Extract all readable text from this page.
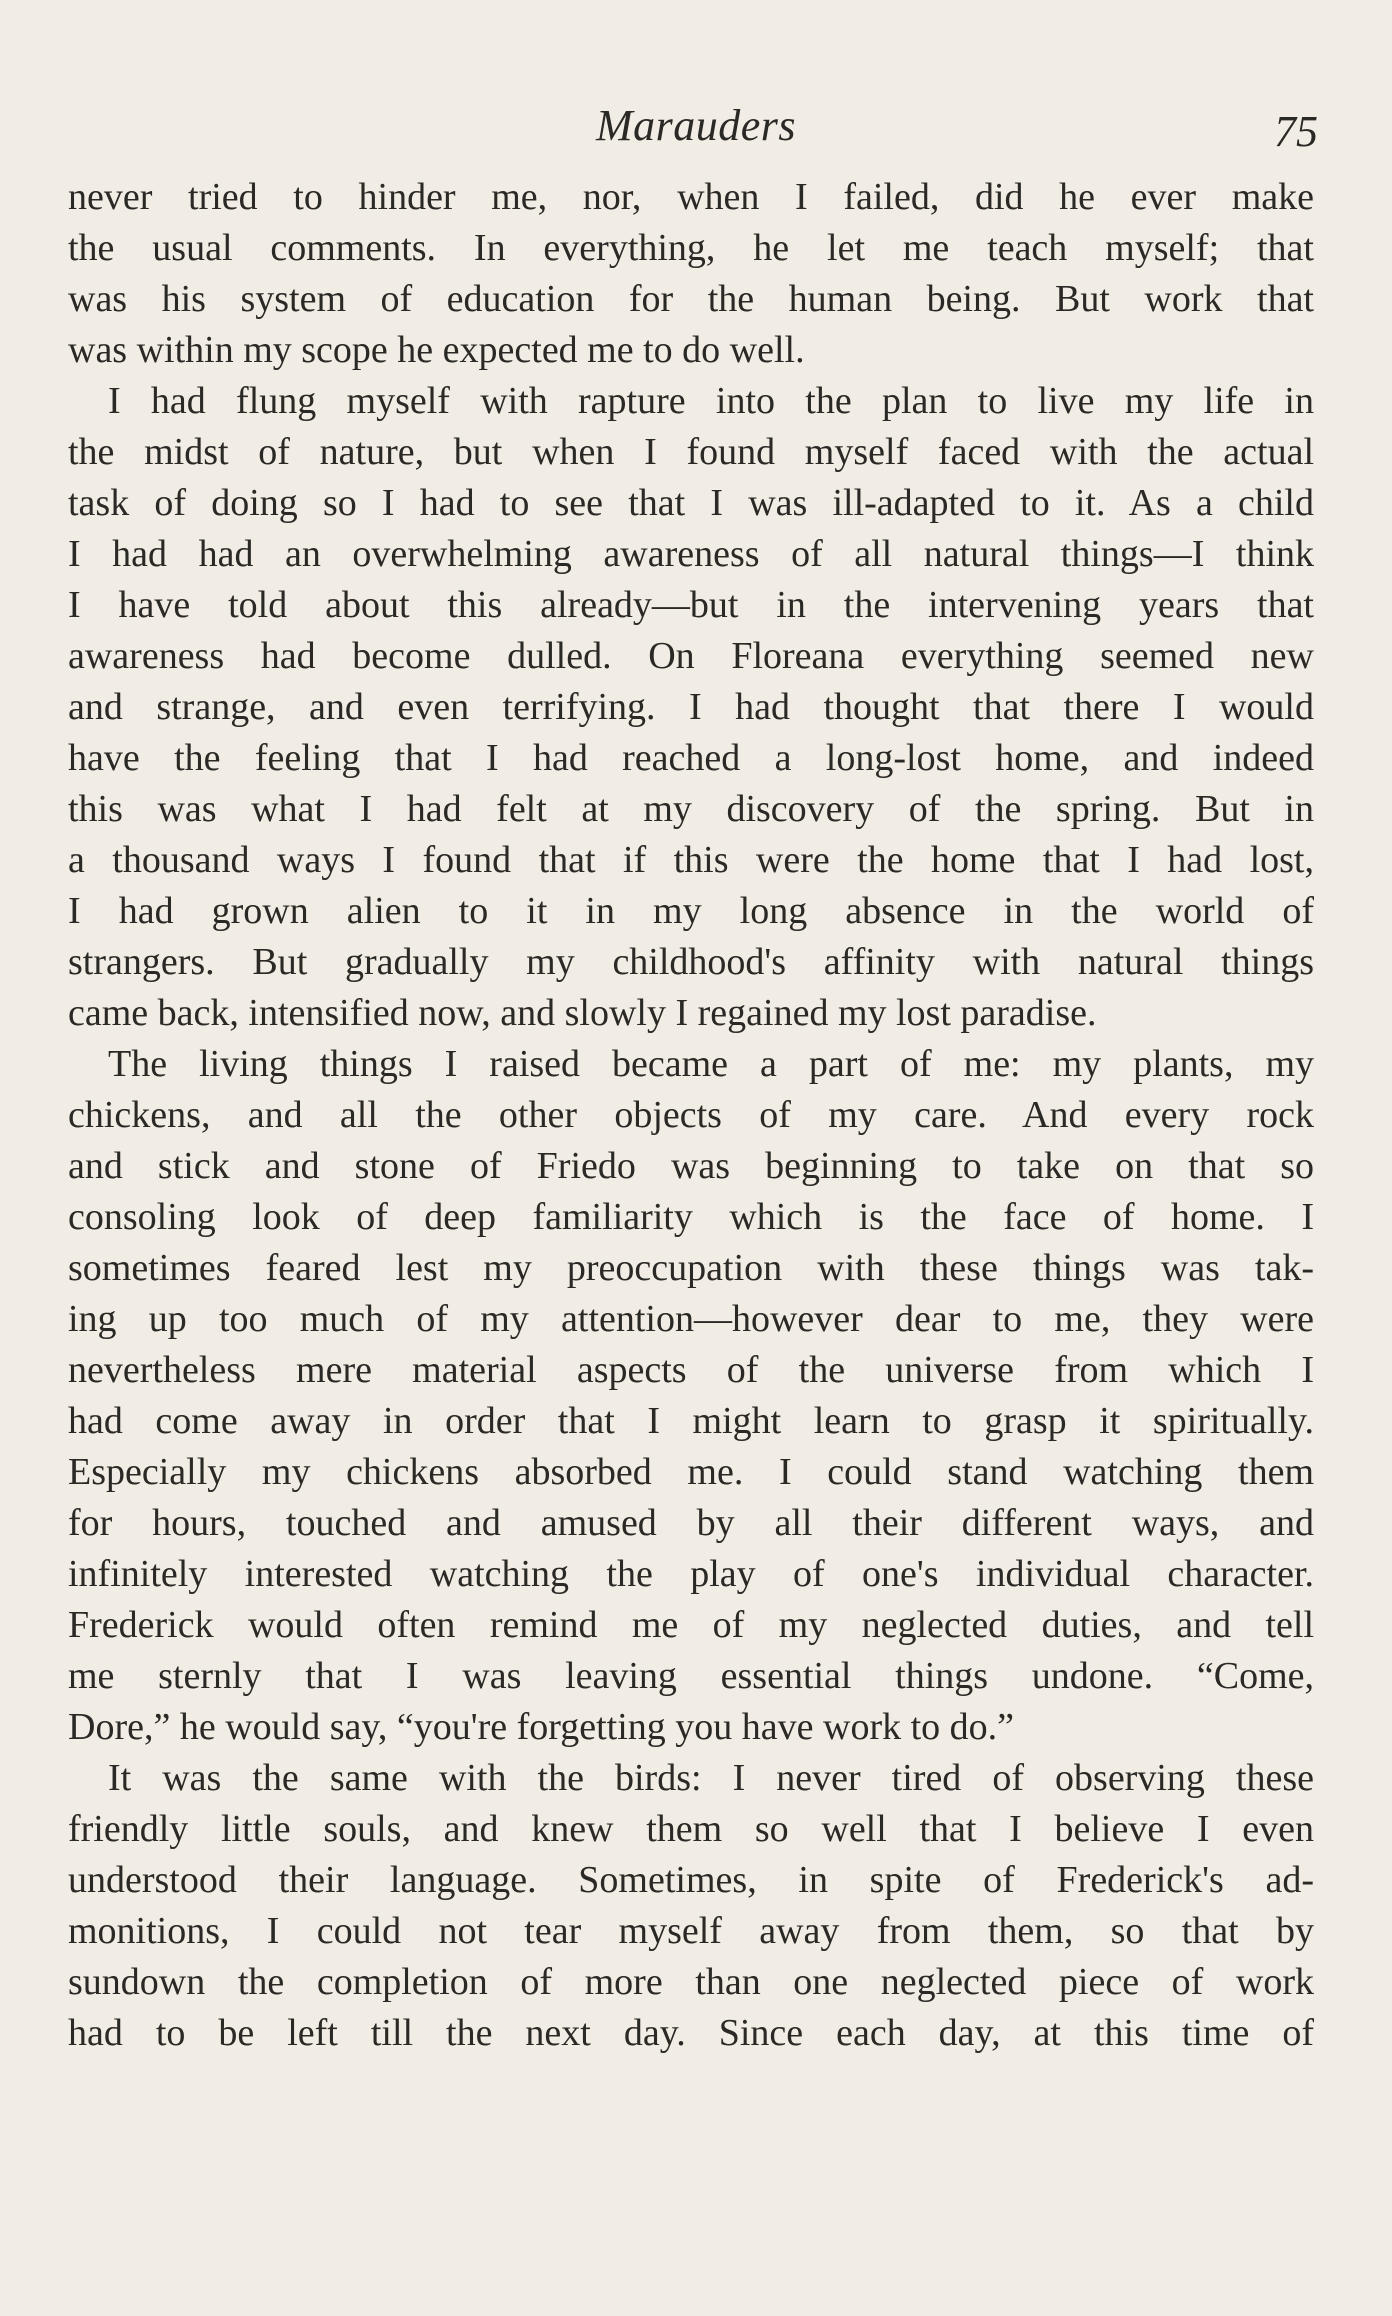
Marauders	75
never tried to hinder me, nor, when I failed, did he ever make
the usual comments. In everything, he let me teach myself; that
was his system of education for the human being. But work that
was within my scope he expected me to do well.
I had flung myself with rapture into the plan to live my life in
the midst of nature, but when I found myself faced with the actual
task of doing so I had to see that I was ill-adapted to it. As a child
I had had an overwhelming awareness of all natural things—I think
I have told about this already—but in the intervening years that
awareness had become dulled. On Floreana everything seemed new
and strange, and even terrifying. I had thought that there I would
have the feeling that I had reached a long-lost home, and indeed
this was what I had felt at my discovery of the spring. But in
a thousand ways I found that if this were the home that I had lost,
I had grown alien to it in my long absence in the world of
strangers. But gradually my childhood's affinity with natural things
came back, intensified now, and slowly I regained my lost paradise.
The living things I raised became a part of me: my plants, my
chickens, and all the other objects of my care. And every rock
and stick and stone of Friedo was beginning to take on that so
consoling look of deep familiarity which is the face of home. I
sometimes feared lest my preoccupation with these things was tak-
ing up too much of my attention—however dear to me, they were
nevertheless mere material aspects of the universe from which I
had come away in order that I might learn to grasp it spiritually.
Especially my chickens absorbed me. I could stand watching them
for hours, touched and amused by all their different ways, and
infinitely interested watching the play of one's individual character.
Frederick would often remind me of my neglected duties, and tell
me sternly that I was leaving essential things undone. “Come,
Dore,” he would say, “you're forgetting you have work to do.”
It was the same with the birds: I never tired of observing these
friendly little souls, and knew them so well that I believe I even
understood their language. Sometimes, in spite of Frederick's ad-
monitions, I could not tear myself away from them, so that by
sundown the completion of more than one neglected piece of work
had to be left till the next day. Since each day, at this time of
